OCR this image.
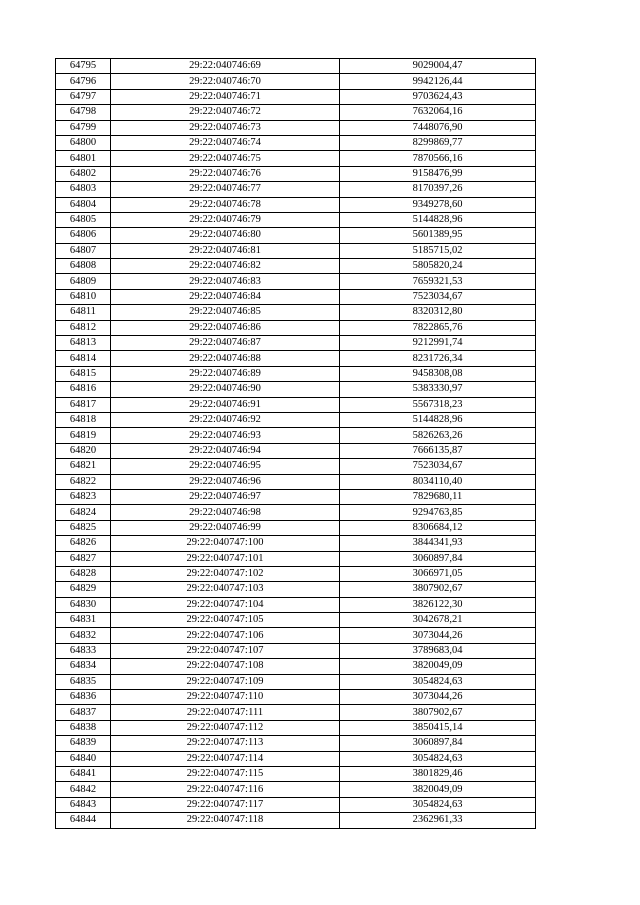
64795	29:22:040746:69	9029004,47
64796	29:22:040746:70	9942126,44
64797	29:22:040746:71	9703624,43
64798	29:22:040746:72	7632064,16
64799	29:22:040746:73	7448076,90
64800	29:22:040746:74	8299869,77
64801	29:22:040746:75	7870566,16
64802	29:22:040746:76	9158476,99
64803	29:22:040746:77	8170397,26
64804	29:22:040746:78	9349278,60
64805	29:22:040746:79	5144828,96
64806	29:22:040746:80	5601389,95
64807	29:22:040746:81	5185715,02
64808	29:22:040746:82	5805820,24
64809	29:22:040746:83	7659321,53
64810	29:22:040746:84	7523034,67
64811	29:22:040746:85	8320312,80
64812	29:22:040746:86	7822865,76
64813	29:22:040746:87	9212991,74
64814	29:22:040746:88	8231726,34
64815	29:22:040746:89	9458308,08
64816	29:22:040746:90	5383330,97
64817	29:22:040746:91	5567318,23
64818	29:22:040746:92	5144828,96
64819	29:22:040746:93	5826263,26
64820	29:22:040746:94	7666135,87
64821	29:22:040746:95	7523034,67
64822	29:22:040746:96	8034110,40
64823	29:22:040746:97	7829680,11
64824	29:22:040746:98	9294763,85
64825	29:22:040746:99	8306684,12
64826	29:22:040747:100	3844341,93
64827	29:22:040747:101	3060897,84
64828	29:22:040747:102	3066971,05
64829	29:22:040747:103	3807902,67
64830	29:22:040747:104	3826122,30
64831	29:22:040747:105	3042678,21
64832	29:22:040747:106	3073044,26
64833	29:22:040747:107	3789683,04
64834	29:22:040747:108	3820049,09
64835	29:22:040747:109	3054824,63
64836	29:22:040747:110	3073044,26
64837	29:22:040747:111	3807902,67
64838	29:22:040747:112	3850415,14
64839	29:22:040747:113	3060897,84
64840	29:22:040747:114	3054824,63
64841	29:22:040747:115	3801829,46
64842	29:22:040747:116	3820049,09
64843	29:22:040747:117	3054824,63
64844	29:22:040747:118	2362961,33
